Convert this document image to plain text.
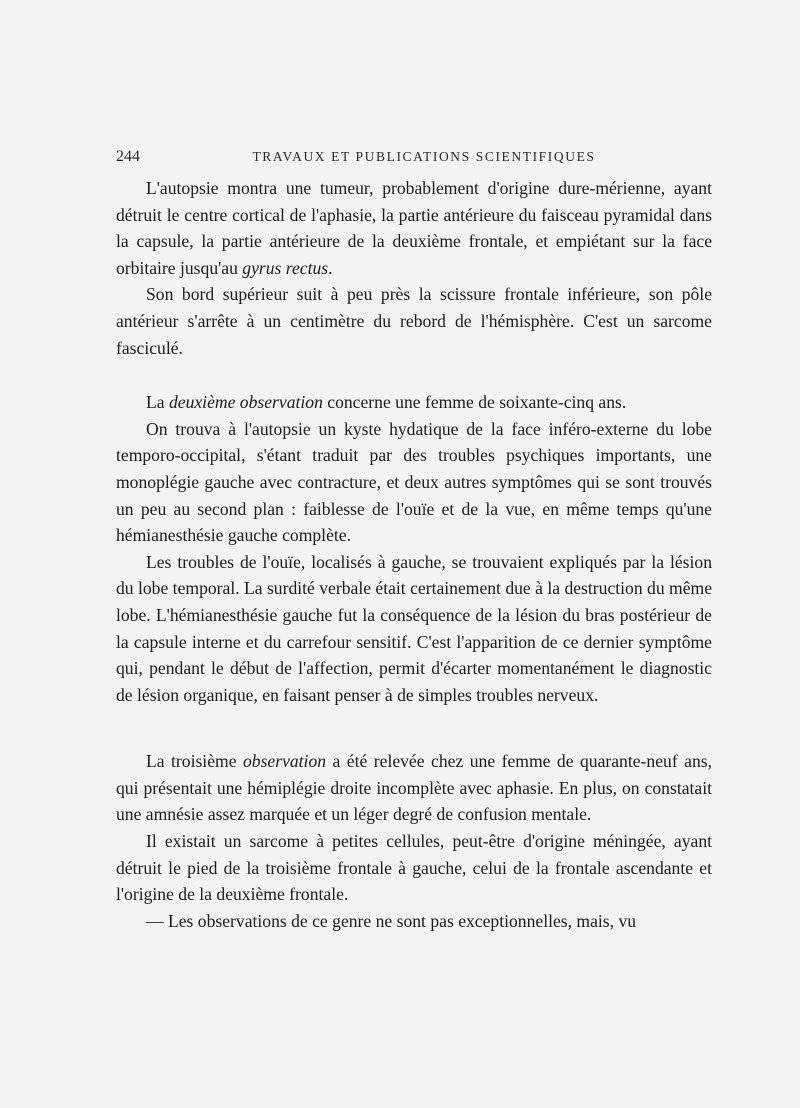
244	TRAVAUX ET PUBLICATIONS SCIENTIFIQUES

L'autopsie montra une tumeur, probablement d'origine dure-mérienne, ayant détruit le centre cortical de l'aphasie, la partie antérieure du faisceau pyramidal dans la capsule, la partie antérieure de la deuxième frontale, et empiétant sur la face orbitaire jusqu'au gyrus rectus.

Son bord supérieur suit à peu près la scissure frontale inférieure, son pôle antérieur s'arrête à un centimètre du rebord de l'hémisphère. C'est un sarcome fasciculé.

La deuxième observation concerne une femme de soixante-cinq ans.

On trouva à l'autopsie un kyste hydatique de la face inféro-externe du lobe temporo-occipital, s'étant traduit par des troubles psychiques importants, une monoplégie gauche avec contracture, et deux autres symptômes qui se sont trouvés un peu au second plan : faiblesse de l'ouïe et de la vue, en même temps qu'une hémianesthésie gauche complète.

Les troubles de l'ouïe, localisés à gauche, se trouvaient expliqués par la lésion du lobe temporal. La surdité verbale était certainement due à la destruction du même lobe. L'hémianesthésie gauche fut la conséquence de la lésion du bras postérieur de la capsule interne et du carrefour sensitif. C'est l'apparition de ce dernier symptôme qui, pendant le début de l'affection, permit d'écarter momentanément le diagnostic de lésion organique, en faisant penser à de simples troubles nerveux.

La troisième observation a été relevée chez une femme de quarante-neuf ans, qui présentait une hémiplégie droite incomplète avec aphasie. En plus, on constatait une amnésie assez marquée et un léger degré de confusion mentale.

Il existait un sarcome à petites cellules, peut-être d'origine méningée, ayant détruit le pied de la troisième frontale à gauche, celui de la frontale ascendante et l'origine de la deuxième frontale.

— Les observations de ce genre ne sont pas exceptionnelles, mais, vu
